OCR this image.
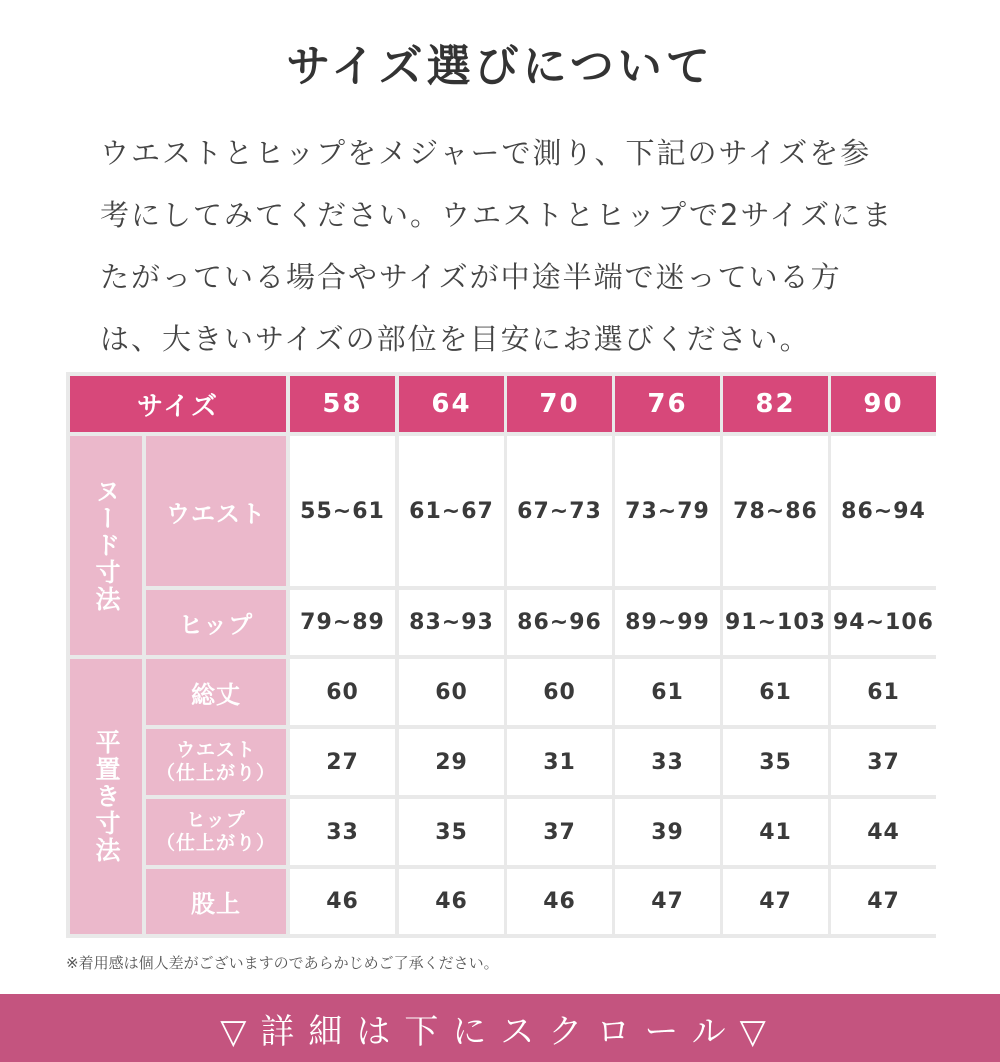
サイズ選びについて
ウエストとヒップをメジャーで測り、下記のサイズを参
考にしてみてください。ウエストとヒップで2サイズにま
たがっている場合やサイズが中途半端で迷っている方
は、大きいサイズの部位を目安にお選びください。
サイズ	58	64	70	76	82	90
ヌード寸法
平置き寸法
ウエスト	55~61	61~67	67~73	73~79	78~86	86~94
ヒップ	79~89	83~93	86~96	89~99 91~103 94~106
総丈	60	60	60	61	61	61
ウエスト
（仕上がり）	27	29	31	33	35	37
ヒップ
（仕上がり）	33	35	37	39	41	44
股上	46	46	46	47	47	47
※着用感は個人差がございますのであらかじめご了承ください。
▽詳細は下にスクロール▽
